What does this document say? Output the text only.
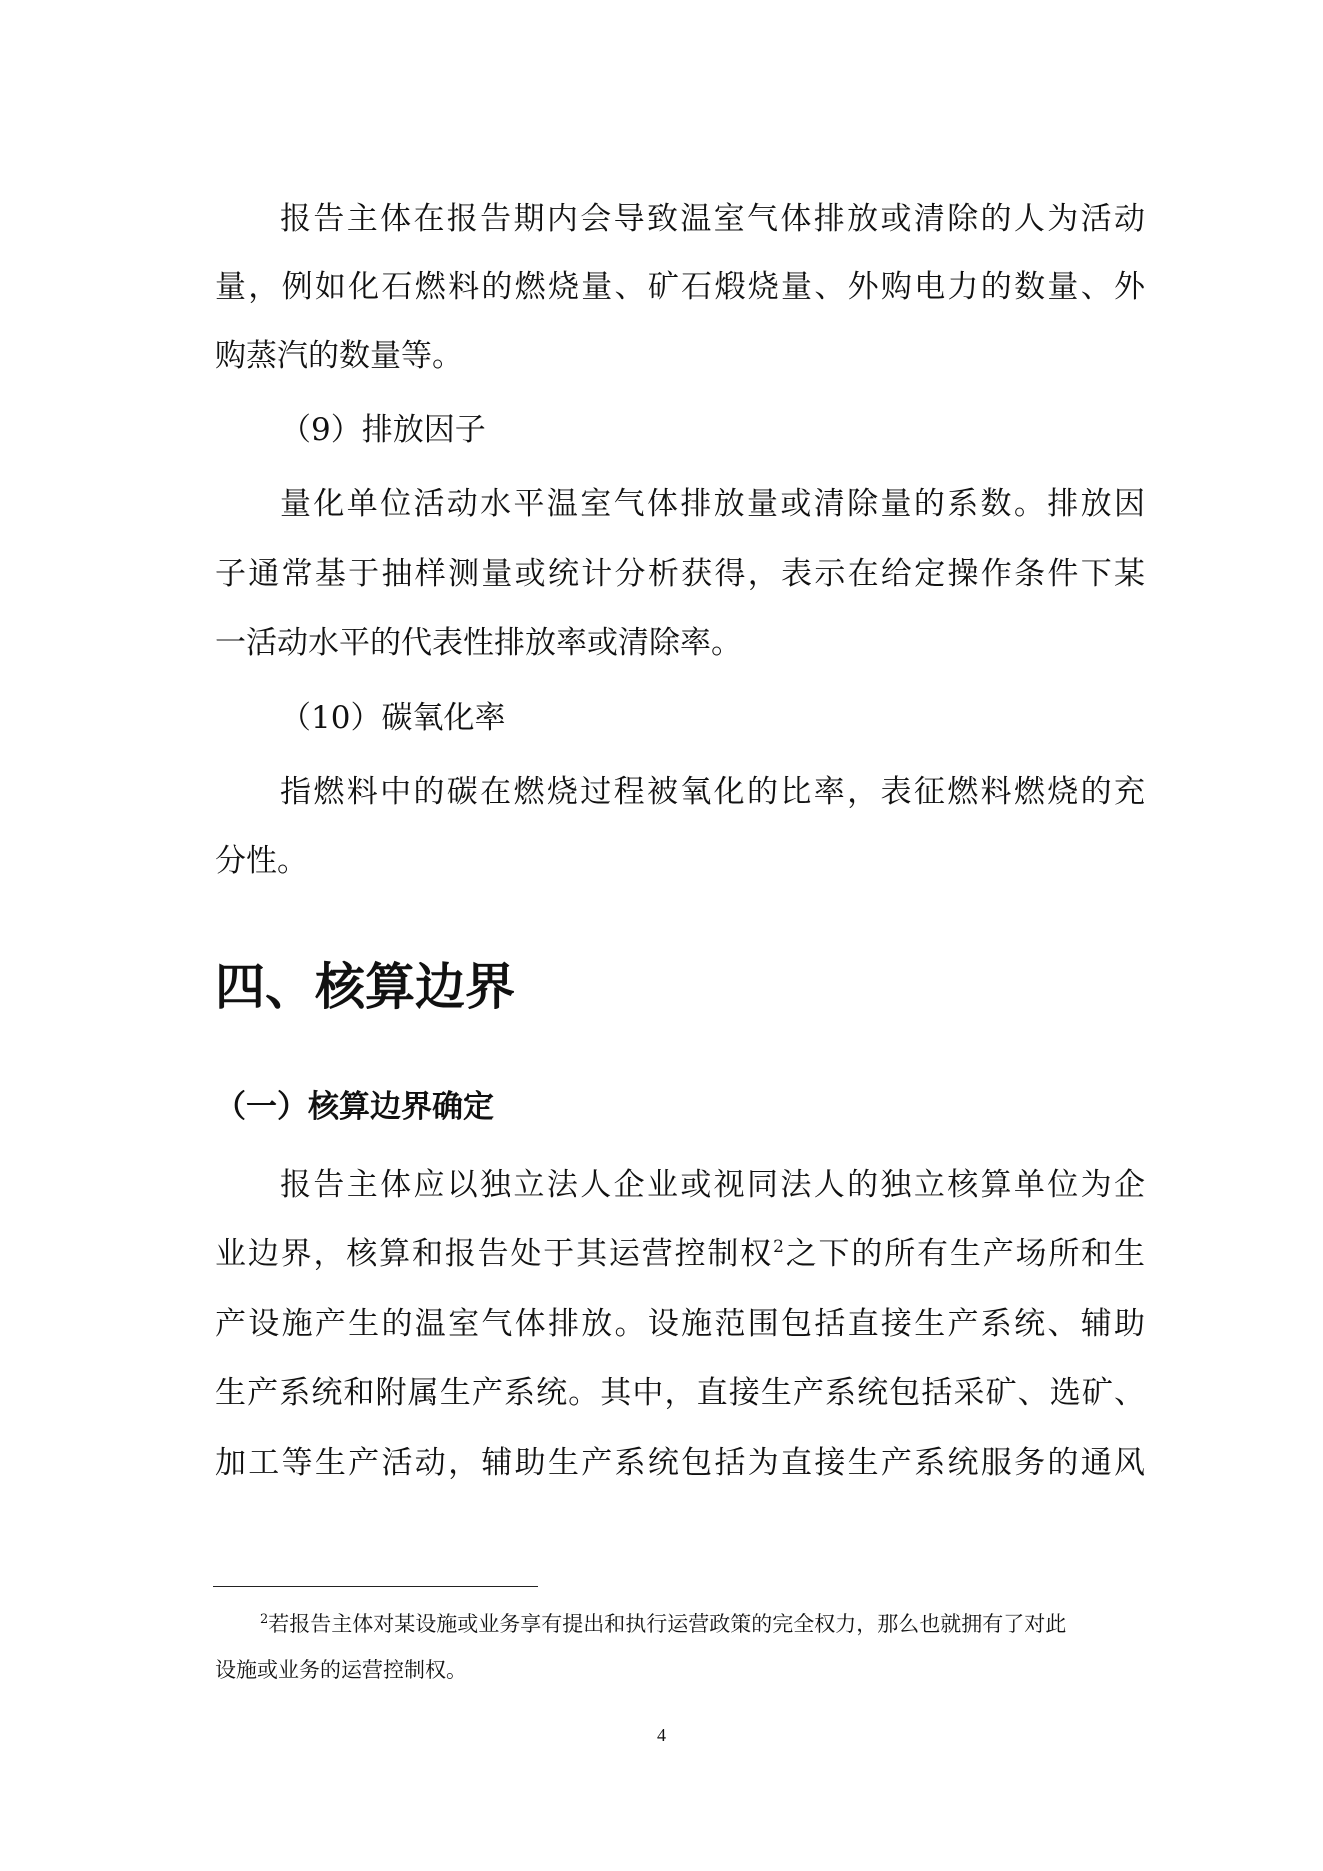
报告主体在报告期内会导致温室气体排放或清除的人为活动
量，例如化石燃料的燃烧量、矿石煅烧量、外购电力的数量、外
购蒸汽的数量等。
（9）排放因子
量化单位活动水平温室气体排放量或清除量的系数。排放因
子通常基于抽样测量或统计分析获得，表示在给定操作条件下某
一活动水平的代表性排放率或清除率。
（10）碳氧化率
指燃料中的碳在燃烧过程被氧化的比率，表征燃料燃烧的充
分性。
四、核算边界
（一）核算边界确定
报告主体应以独立法人企业或视同法人的独立核算单位为企
业边界，核算和报告处于其运营控制权$^2$之下的所有生产场所和生
产设施产生的温室气体排放。设施范围包括直接生产系统、辅助
生产系统和附属生产系统。其中，直接生产系统包括采矿、选矿、
加工等生产活动，辅助生产系统包括为直接生产系统服务的通风
$^2$若报告主体对某设施或业务享有提出和执行运营政策的完全权力，那么也就拥有了对此
设施或业务的运营控制权。
4
